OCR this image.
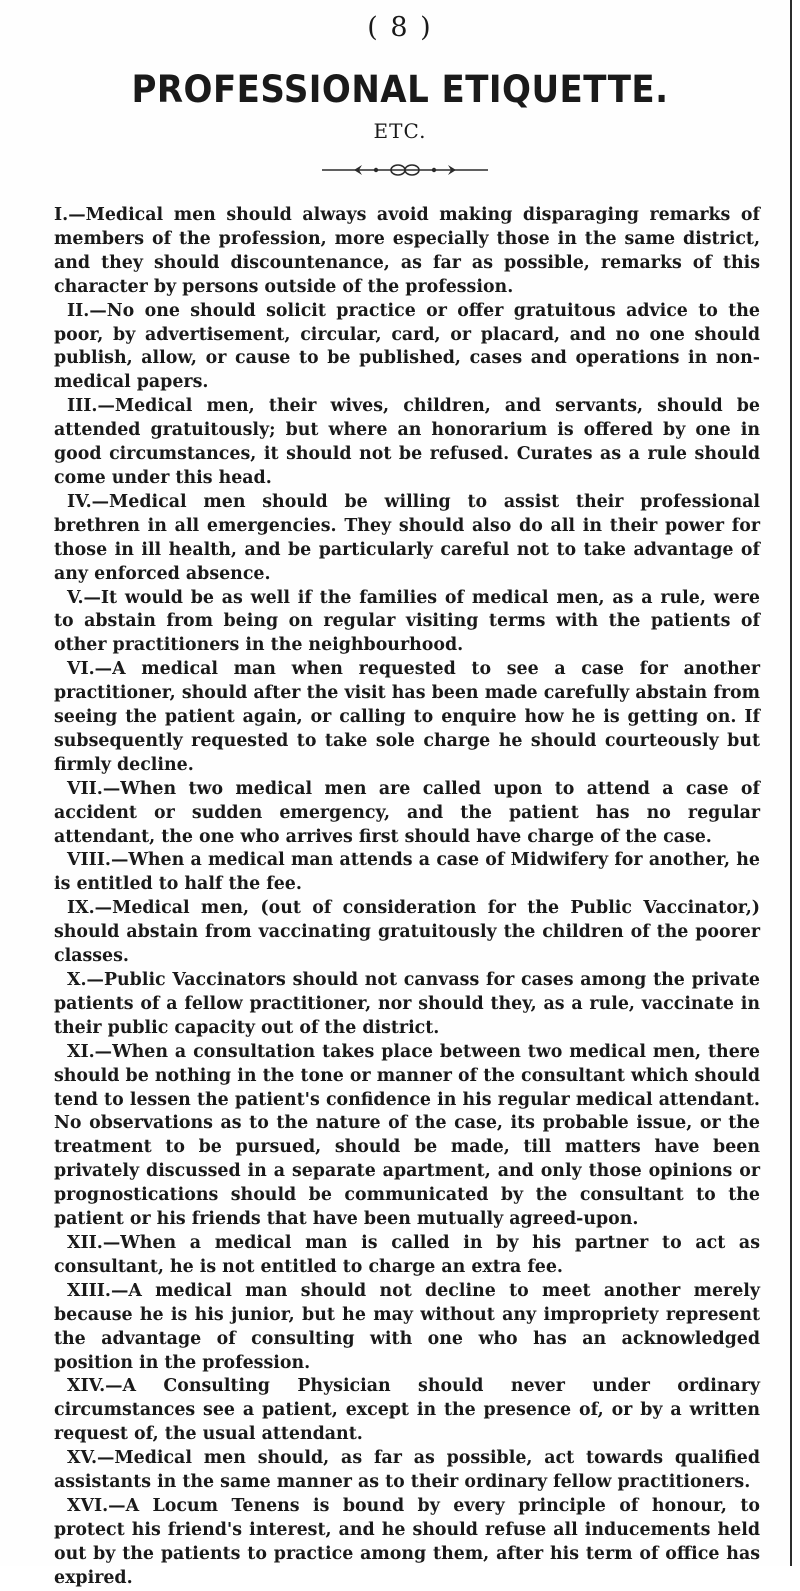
( 8 )
PROFESSIONAL ETIQUETTE.
ETC.

I.—Medical men should always avoid making disparaging remarks of members of the profession, more especially those in the same district, and they should discountenance, as far as possible, remarks of this character by persons outside of the profession.

II.—No one should solicit practice or offer gratuitous advice to the poor, by advertisement, circular, card, or placard, and no one should publish, allow, or cause to be published, cases and operations in non-medical papers.

III.—Medical men, their wives, children, and servants, should be attended gratuitously; but where an honorarium is offered by one in good circumstances, it should not be refused. Curates as a rule should come under this head.

IV.—Medical men should be willing to assist their professional brethren in all emergencies. They should also do all in their power for those in ill health, and be particularly careful not to take advantage of any enforced absence.

V.—It would be as well if the families of medical men, as a rule, were to abstain from being on regular visiting terms with the patients of other practitioners in the neighbourhood.

VI.—A medical man when requested to see a case for another practitioner, should after the visit has been made carefully abstain from seeing the patient again, or calling to enquire how he is getting on. If subsequently requested to take sole charge he should courteously but firmly decline.

VII.—When two medical men are called upon to attend a case of accident or sudden emergency, and the patient has no regular attendant, the one who arrives first should have charge of the case.

VIII.—When a medical man attends a case of Midwifery for another, he is entitled to half the fee.

IX.—Medical men, (out of consideration for the Public Vaccinator,) should abstain from vaccinating gratuitously the children of the poorer classes.

X.—Public Vaccinators should not canvass for cases among the private patients of a fellow practitioner, nor should they, as a rule, vaccinate in their public capacity out of the district.

XI.—When a consultation takes place between two medical men, there should be nothing in the tone or manner of the consultant which should tend to lessen the patient's confidence in his regular medical attendant. No observations as to the nature of the case, its probable issue, or the treatment to be pursued, should be made, till matters have been privately discussed in a separate apartment, and only those opinions or prognostications should be communicated by the consultant to the patient or his friends that have been mutually agreed-upon.

XII.—When a medical man is called in by his partner to act as consultant, he is not entitled to charge an extra fee.

XIII.—A medical man should not decline to meet another merely because he is his junior, but he may without any impropriety represent the advantage of consulting with one who has an acknowledged position in the profession.

XIV.—A Consulting Physician should never under ordinary circumstances see a patient, except in the presence of, or by a written request of, the usual attendant.

XV.—Medical men should, as far as possible, act towards qualified assistants in the same manner as to their ordinary fellow practitioners.

XVI.—A Locum Tenens is bound by every principle of honour, to protect his friend's interest, and he should refuse all inducements held out by the patients to practice among them, after his term of office has expired.
